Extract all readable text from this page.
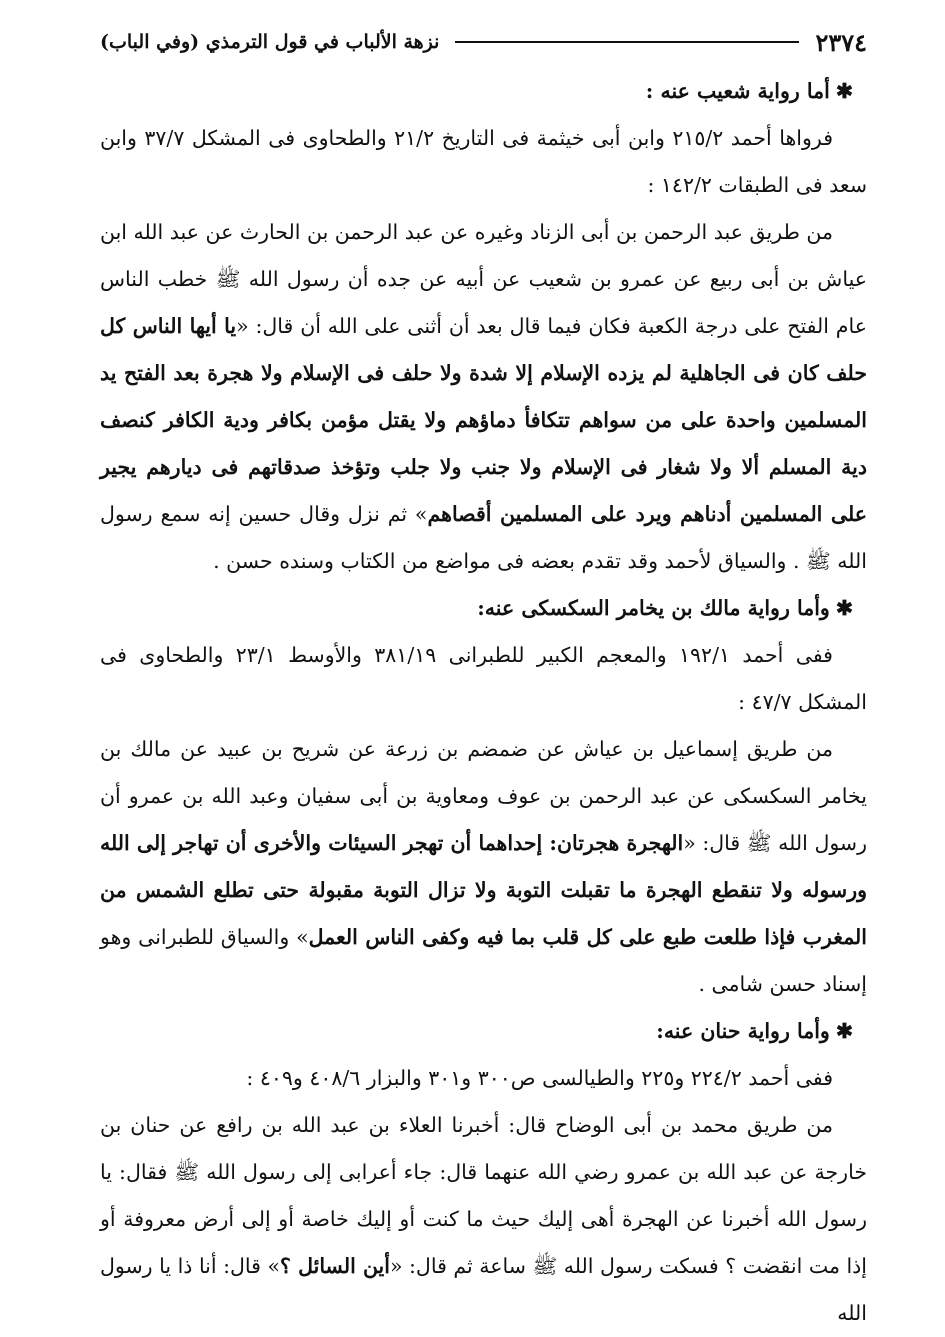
٢٣٧٤
نزهة الألباب في قول الترمذي (وفي الباب)

✱أما رواية شعيب عنه :

فرواها أحمد ٢١٥/٢ وابن أبى خيثمة فى التاريخ ٢١/٢ والطحاوى فى المشكل ٣٧/٧ وابن سعد فى الطبقات ١٤٢/٢ :

من طريق عبد الرحمن بن أبى الزناد وغيره عن عبد الرحمن بن الحارث عن عبد الله ابن عياش بن أبى ربيع عن عمرو بن شعيب عن أبيه عن جده أن رسول الله ﷺ خطب الناس عام الفتح على درجة الكعبة فكان فيما قال بعد أن أثنى على الله أن قال: «يا أيها الناس كل حلف كان فى الجاهلية لم يزده الإسلام إلا شدة ولا حلف فى الإسلام ولا هجرة بعد الفتح يد المسلمين واحدة على من سواهم تتكافأ دماؤهم ولا يقتل مؤمن بكافر ودية الكافر كنصف دية المسلم ألا ولا شغار فى الإسلام ولا جنب ولا جلب وتؤخذ صدقاتهم فى ديارهم يجير على المسلمين أدناهم ويرد على المسلمين أقصاهم» ثم نزل وقال حسين إنه سمع رسول الله ﷺ . والسياق لأحمد وقد تقدم بعضه فى مواضع من الكتاب وسنده حسن .

✱وأما رواية مالك بن يخامر السكسكى عنه:

ففى أحمد ١٩٢/١ والمعجم الكبير للطبرانى ٣٨١/١٩ والأوسط ٢٣/١ والطحاوى فى المشكل ٤٧/٧ :

من طريق إسماعيل بن عياش عن ضمضم بن زرعة عن شريح بن عبيد عن مالك بن يخامر السكسكى عن عبد الرحمن بن عوف ومعاوية بن أبى سفيان وعبد الله بن عمرو أن رسول الله ﷺ قال: «الهجرة هجرتان: إحداهما أن تهجر السيئات والأخرى أن تهاجر إلى الله ورسوله ولا تنقطع الهجرة ما تقبلت التوبة ولا تزال التوبة مقبولة حتى تطلع الشمس من المغرب فإذا طلعت طبع على كل قلب بما فيه وكفى الناس العمل» والسياق للطبرانى وهو إسناد حسن شامى .

✱وأما رواية حنان عنه:

ففى أحمد ٢٢٤/٢ و٢٢٥ والطيالسى ص٣٠٠ و٣٠١ والبزار ٤٠٨/٦ و٤٠٩ :

من طريق محمد بن أبى الوضاح قال: أخبرنا العلاء بن عبد الله بن رافع عن حنان بن خارجة عن عبد الله بن عمرو رضي الله عنهما قال: جاء أعرابى إلى رسول الله ﷺ فقال: يا رسول الله أخبرنا عن الهجرة أهى إليك حيث ما كنت أو إليك خاصة أو إلى أرض معروفة أو إذا مت انقضت ؟ فسكت رسول الله ﷺ ساعة ثم قال: «أين السائل ؟» قال: أنا ذا يا رسول الله
